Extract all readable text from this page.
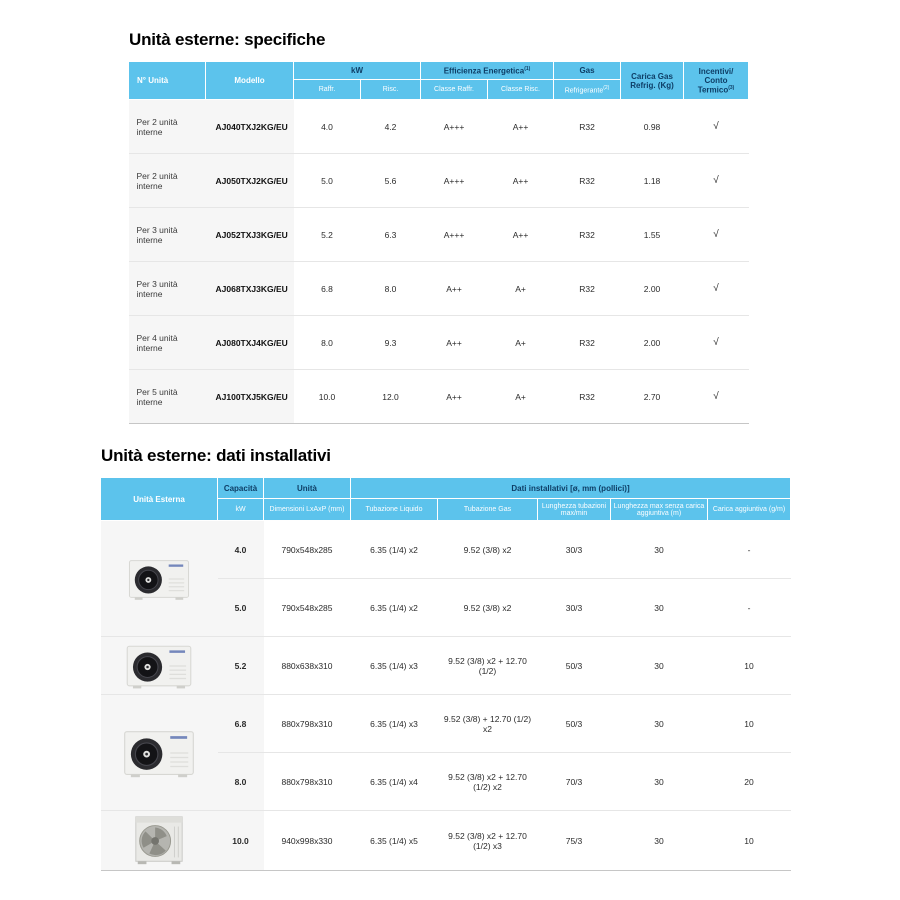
Unità esterne: specifiche
N° Unità	Modello	kW		Efficienza Energetica$^{(1)}$		Gas	Carica Gas Refrig. (Kg)	Incentivi/
Conto Termico$^{(3)}$
		Raffr.	Risc.	Classe Raffr.	Classe Risc.	Refrigerante$^{(2)}$
Per 2 unità interne	AJ040TXJ2KG/EU	4.0	4.2	A+++	A++	R32	0.98	√
Per 2 unità interne	AJ050TXJ2KG/EU	5.0	5.6	A+++	A++	R32	1.18	√
Per 3 unità interne	AJ052TXJ3KG/EU	5.2	6.3	A+++	A++	R32	1.55	√
Per 3 unità interne	AJ068TXJ3KG/EU	6.8	8.0	A++	A+	R32	2.00	√
Per 4 unità interne	AJ080TXJ4KG/EU	8.0	9.3	A++	A+	R32	2.00	√
Per 5 unità interne	AJ100TXJ5KG/EU	10.0	12.0	A++	A+	R32	2.70	√
Unità esterne: dati installativi
Unità Esterna	Capacità	Unità	Dati installativi [ø, mm (pollici)]				
	kW	Dimensioni LxAxP (mm)	Tubazione Liquido	Tubazione Gas	Lunghezza tubazioni max/min	Lunghezza max senza carica aggiuntiva (m)	Carica aggiuntiva (g/m)

	4.0	790x548x285	6.35 (1/4) x2	9.52 (3/8) x2	30/3	30	-
	5.0	790x548x285	6.35 (1/4) x2	9.52 (3/8) x2	30/3	30	-

	5.2	880x638x310	6.35 (1/4) x3	9.52 (3/8) x2 + 12.70 (1/2)	50/3	30	10

	6.8	880x798x310	6.35 (1/4) x3	9.52 (3/8) + 12.70 (1/2) x2	50/3	30	10
	8.0	880x798x310	6.35 (1/4) x4	9.52 (3/8) x2 + 12.70 (1/2) x2	70/3	30	20

	10.0	940x998x330	6.35 (1/4) x5	9.52 (3/8) x2 + 12.70 (1/2) x3	75/3	30	10
